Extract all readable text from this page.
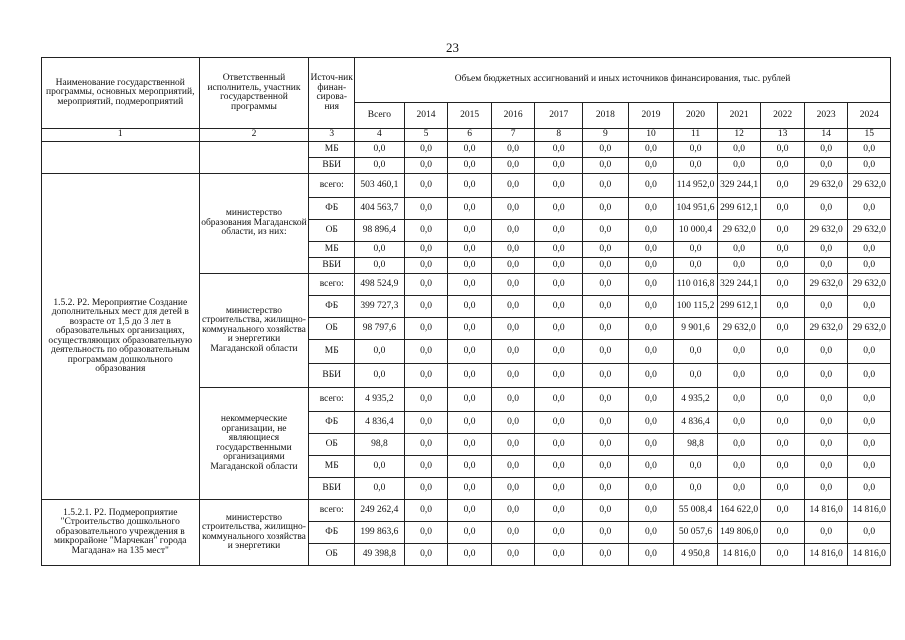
23
Наименование государственной программы, основных мероприятий, мероприятий, подмероприятий	Ответственный исполнитель, участник государственной программы	Источ-ник финан-сирова-ния	Объем бюджетных ассигнований и иных источников финансирования, тыс. рублей											
			Всего	2014	2015	2016	2017	2018	2019	2020	2021	2022	2023	2024
1	2	3	4	5	6	7	8	9	10	11	12	13	14	15
		МБ	0,0	0,0	0,0	0,0	0,0	0,0	0,0	0,0	0,0	0,0	0,0	0,0
		ВБИ	0,0	0,0	0,0	0,0	0,0	0,0	0,0	0,0	0,0	0,0	0,0	0,0
1.5.2. Р2. Мероприятие Создание дополнительных мест для детей в возрасте от 1,5 до 3 лет в образовательных организациях, осуществляющих образовательную деятельность по образовательным программам дошкольного образования	министерство образования Магаданской области, из них:	всего:	503 460,1	0,0	0,0	0,0	0,0	0,0	0,0	114 952,0	329 244,1	0,0	29 632,0	29 632,0
		ФБ	404 563,7	0,0	0,0	0,0	0,0	0,0	0,0	104 951,6	299 612,1	0,0	0,0	0,0
		ОБ	98 896,4	0,0	0,0	0,0	0,0	0,0	0,0	10 000,4	29 632,0	0,0	29 632,0	29 632,0
		МБ	0,0	0,0	0,0	0,0	0,0	0,0	0,0	0,0	0,0	0,0	0,0	0,0
		ВБИ	0,0	0,0	0,0	0,0	0,0	0,0	0,0	0,0	0,0	0,0	0,0	0,0
	министерство строительства, жилищно-коммунального хозяйства и энергетики Магаданской области	всего:	498 524,9	0,0	0,0	0,0	0,0	0,0	0,0	110 016,8	329 244,1	0,0	29 632,0	29 632,0
		ФБ	399 727,3	0,0	0,0	0,0	0,0	0,0	0,0	100 115,2	299 612,1	0,0	0,0	0,0
		ОБ	98 797,6	0,0	0,0	0,0	0,0	0,0	0,0	9 901,6	29 632,0	0,0	29 632,0	29 632,0
		МБ	0,0	0,0	0,0	0,0	0,0	0,0	0,0	0,0	0,0	0,0	0,0	0,0
		ВБИ	0,0	0,0	0,0	0,0	0,0	0,0	0,0	0,0	0,0	0,0	0,0	0,0
	некоммерческие организации, не являющиеся государственными организациями Магаданской области	всего:	4 935,2	0,0	0,0	0,0	0,0	0,0	0,0	4 935,2	0,0	0,0	0,0	0,0
		ФБ	4 836,4	0,0	0,0	0,0	0,0	0,0	0,0	4 836,4	0,0	0,0	0,0	0,0
		ОБ	98,8	0,0	0,0	0,0	0,0	0,0	0,0	98,8	0,0	0,0	0,0	0,0
		МБ	0,0	0,0	0,0	0,0	0,0	0,0	0,0	0,0	0,0	0,0	0,0	0,0
		ВБИ	0,0	0,0	0,0	0,0	0,0	0,0	0,0	0,0	0,0	0,0	0,0	0,0
1.5.2.1. Р2. Подмероприятие "Строительство дошкольного образовательного учреждения в микрорайоне "Марчекан" города Магадана» на 135 мест"	министерство строительства, жилищно-коммунального хозяйства и энергетики	всего:	249 262,4	0,0	0,0	0,0	0,0	0,0	0,0	55 008,4	164 622,0	0,0	14 816,0	14 816,0
		ФБ	199 863,6	0,0	0,0	0,0	0,0	0,0	0,0	50 057,6	149 806,0	0,0	0,0	0,0
		ОБ	49 398,8	0,0	0,0	0,0	0,0	0,0	0,0	4 950,8	14 816,0	0,0	14 816,0	14 816,0
